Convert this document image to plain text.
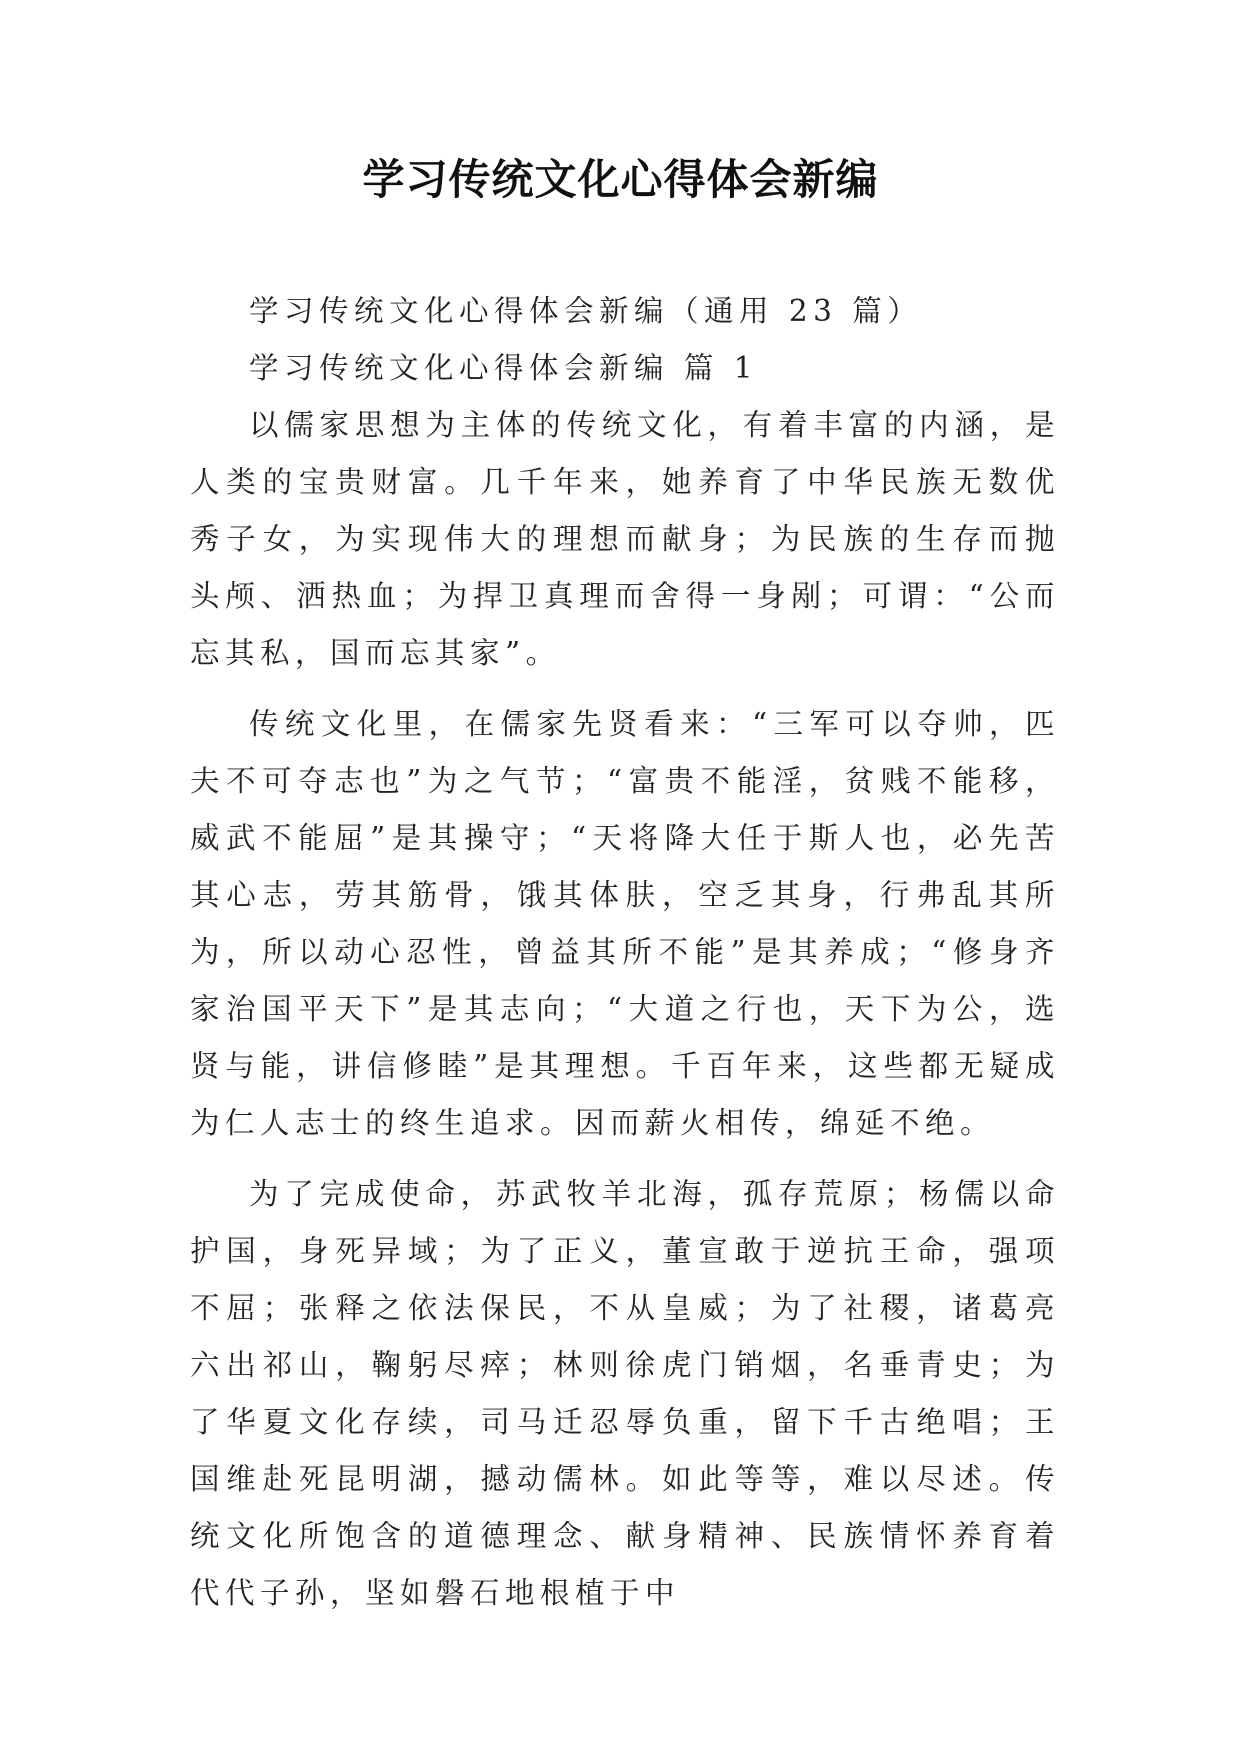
学习传统文化心得体会新编

学习传统文化心得体会新编（通用 23 篇）

学习传统文化心得体会新编 篇 1

以儒家思想为主体的传统文化，有着丰富的内涵，是人类的宝贵财富。几千年来，她养育了中华民族无数优秀子女，为实现伟大的理想而献身；为民族的生存而抛头颅、洒热血；为捍卫真理而舍得一身剐；可谓：“公而忘其私，国而忘其家”。

传统文化里，在儒家先贤看来：“三军可以夺帅，匹夫不可夺志也”为之气节；“富贵不能淫，贫贱不能移，威武不能屈”是其操守；“天将降大任于斯人也，必先苦其心志，劳其筋骨，饿其体肤，空乏其身，行弗乱其所为，所以动心忍性，曾益其所不能”是其养成；“修身齐家治国平天下”是其志向；“大道之行也，天下为公，选贤与能，讲信修睦”是其理想。千百年来，这些都无疑成为仁人志士的终生追求。因而薪火相传，绵延不绝。

为了完成使命，苏武牧羊北海，孤存荒原；杨儒以命护国，身死异域；为了正义，董宣敢于逆抗王命，强项不屈；张释之依法保民，不从皇威；为了社稷，诸葛亮六出祁山，鞠躬尽瘁；林则徐虎门销烟，名垂青史；为了华夏文化存续，司马迁忍辱负重，留下千古绝唱；王国维赴死昆明湖，撼动儒林。如此等等，难以尽述。传统文化所饱含的道德理念、献身精神、民族情怀养育着代代子孙，坚如磐石地根植于中
